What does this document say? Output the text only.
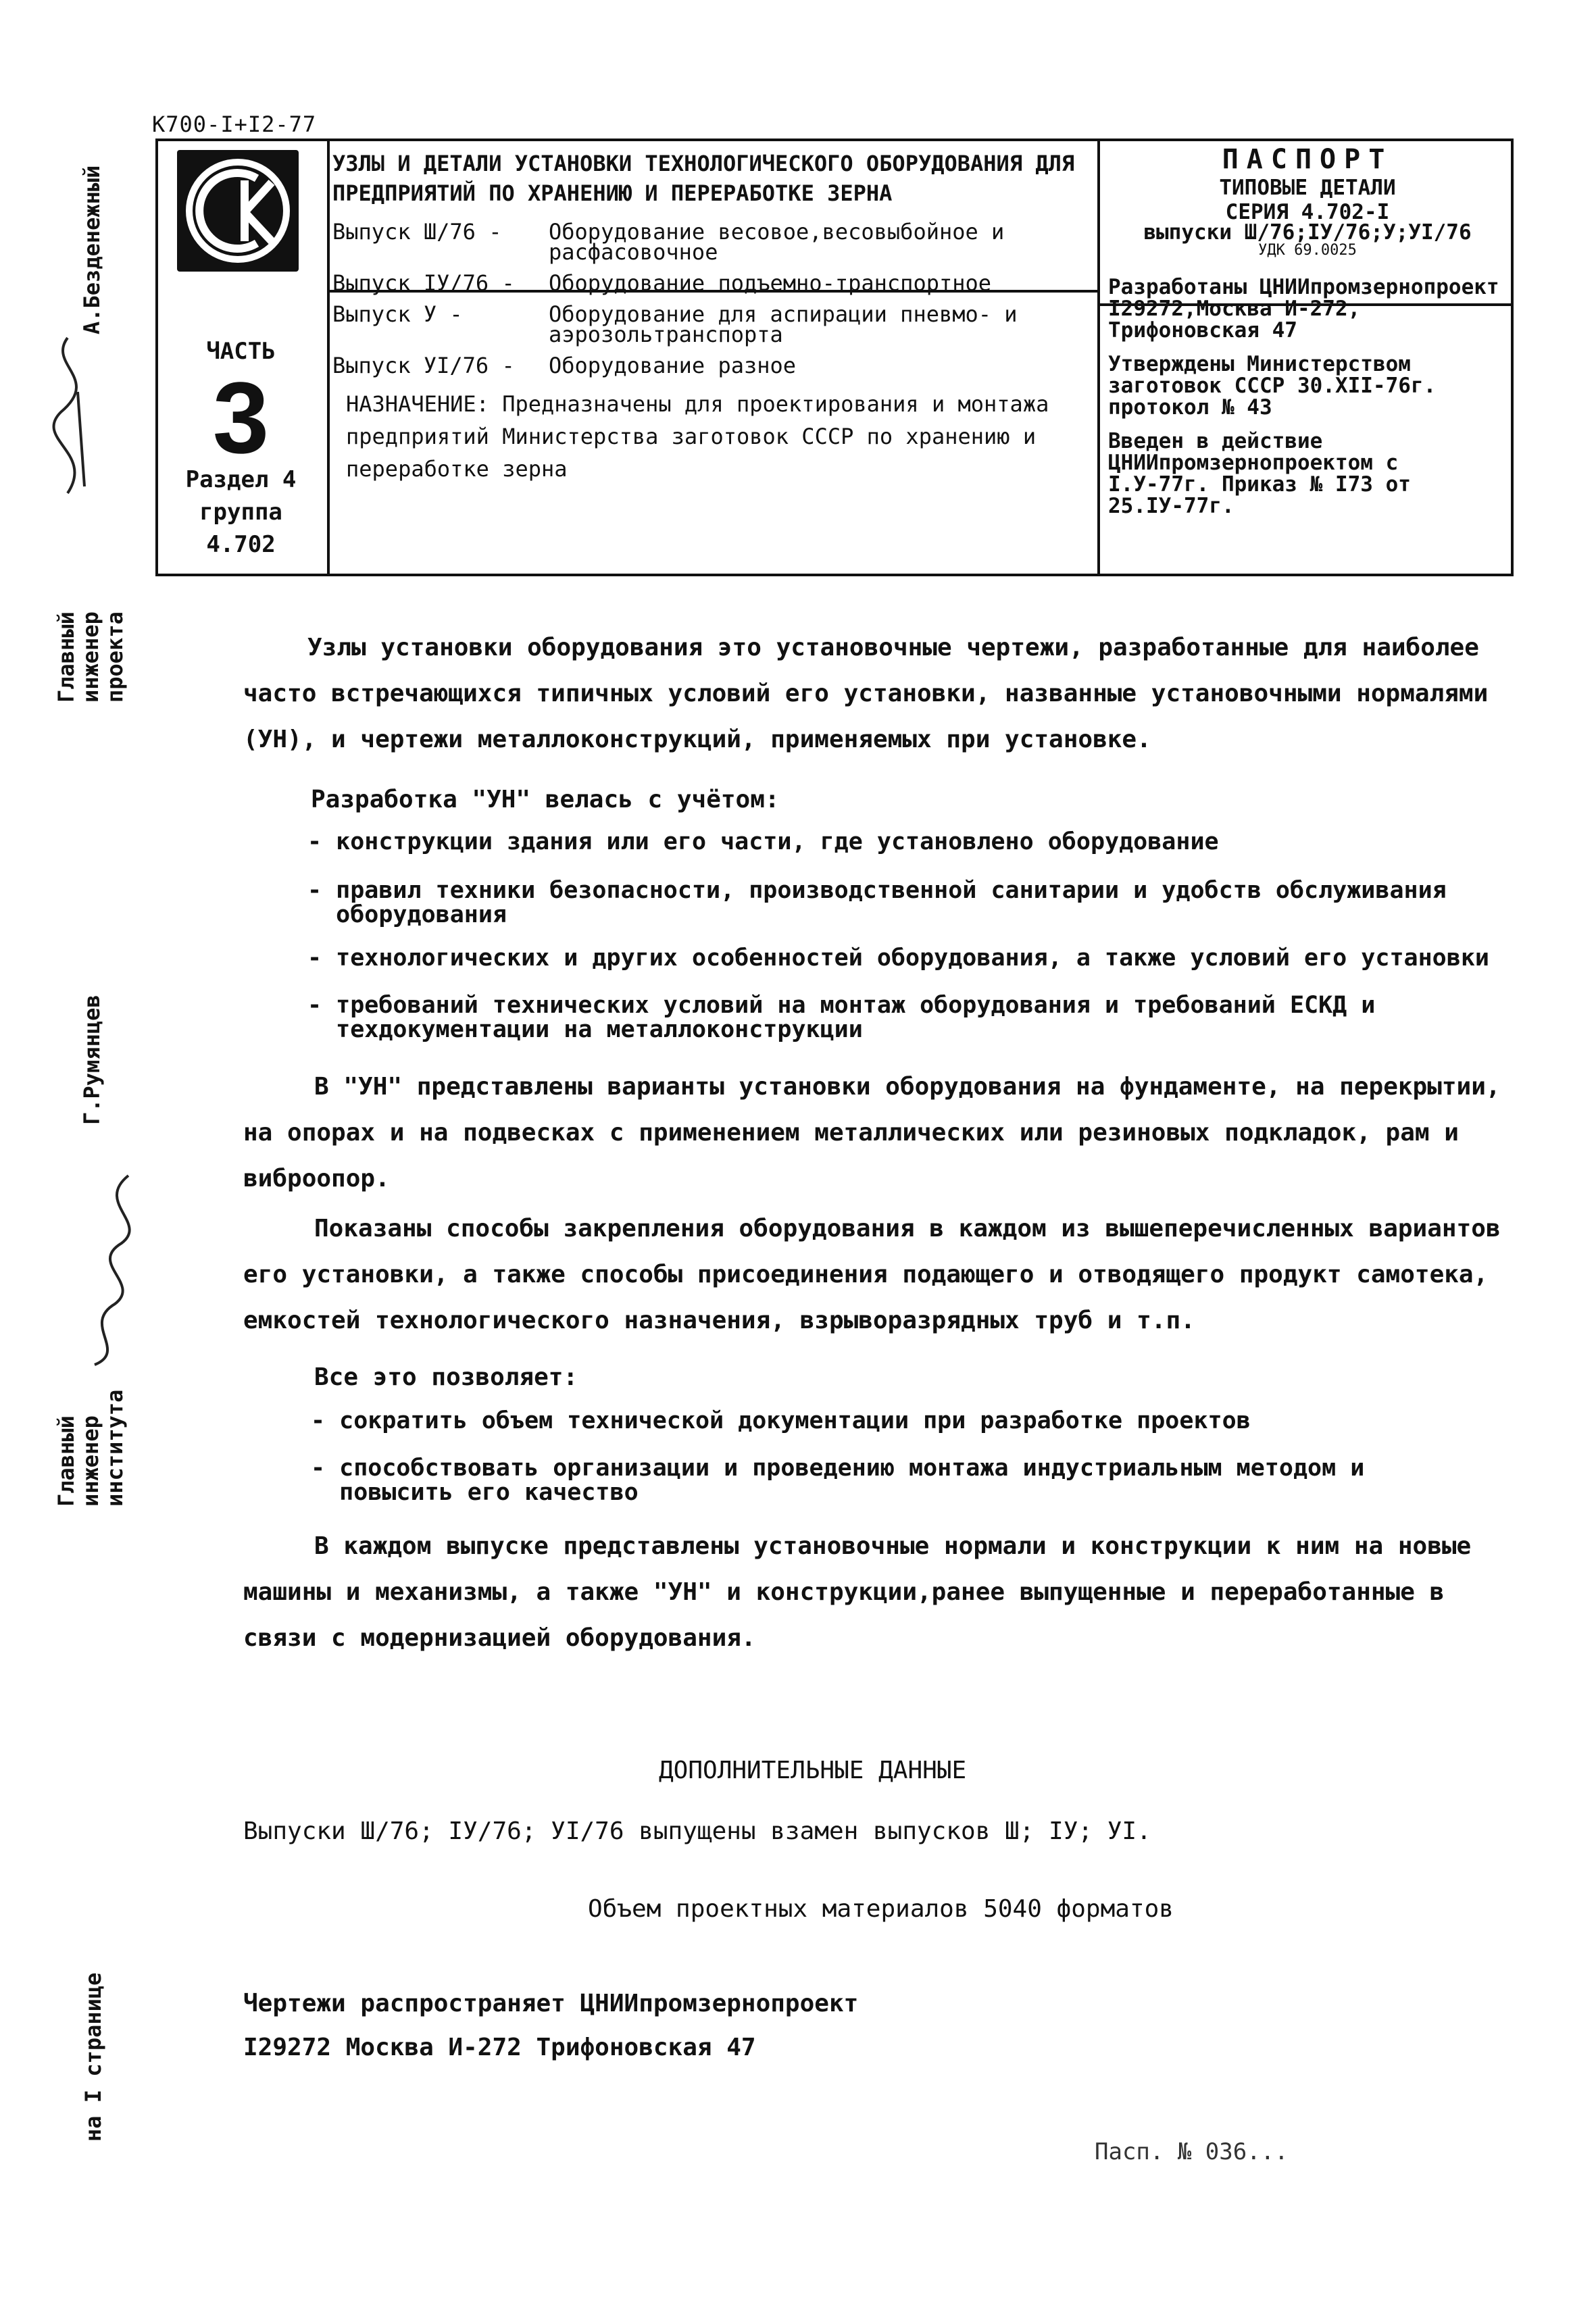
К700-I+I2-77
ЧАСТЬ
3
Раздел 4
группа
4.702
УЗЛЫ И ДЕТАЛИ УСТАНОВКИ ТЕХНОЛОГИЧЕСКОГО ОБОРУДОВАНИЯ ДЛЯ ПРЕДПРИЯТИЙ ПО ХРАНЕНИЮ И ПЕРЕРАБОТКЕ ЗЕРНА
Выпуск Ш/76 -	Оборудование весовое,весовыбойное и расфасовочное
Выпуск IУ/76 -	Оборудование подъемно-транспортное
Выпуск У -	Оборудование для аспирации пневмо- и аэрозольтранспорта
Выпуск УI/76 -	Оборудование разное
НАЗНАЧЕНИЕ: Предназначены для проектирования и монтажа предприятий Министерства заготовок СССР по хранению и переработке зерна
ПАСПОРТ
ТИПОВЫЕ ДЕТАЛИ
СЕРИЯ 4.702-I
выпуски Ш/76;IУ/76;У;УI/76
УДК 69.0025
Разработаны ЦНИИпромзернопроект I29272,Москва И-272, Трифоновская 47
Утверждены Министерством заготовок СССР 30.XII-76г. протокол № 43
Введен в действие ЦНИИпромзернопроектом с I.У-77г. Приказ № I73 от 25.IУ-77г.
А.Безденежный
Главный инженер проекта
Г.Румянцев
Главный инженер института
на I странице
Узлы установки оборудования это установочные чертежи, разработанные для наиболее
часто встречающихся типичных условий его установки, названные установочными нормалями
(УН), и чертежи металлоконструкций, применяемых при установке.
Разработка "УН" велась с учётом:
- конструкции здания или его части, где установлено оборудование
- правил техники безопасности, производственной санитарии и удобств обслуживания
оборудования
- технологических и других особенностей оборудования, а также условий его установки
- требований технических условий на монтаж оборудования и требований ЕСКД и
техдокументации на металлоконструкции
В "УН" представлены варианты установки оборудования на фундаменте, на перекрытии,
на опорах и на подвесках с применением металлических или резиновых подкладок, рам и
виброопор.
Показаны способы закрепления оборудования в каждом из вышеперечисленных вариантов
его установки, а также способы присоединения подающего и отводящего продукт самотека,
емкостей технологического назначения, взрыворазрядных труб и т.п.
Все это позволяет:
- сократить объем технической документации при разработке проектов
- способствовать организации и проведению монтажа индустриальным методом и
повысить его качество
В каждом выпуске представлены установочные нормали и конструкции к ним на новые
машины и механизмы, а также "УН" и конструкции,ранее выпущенные и переработанные в
связи с модернизацией оборудования.
ДОПОЛНИТЕЛЬНЫЕ ДАННЫЕ
Выпуски Ш/76; IУ/76; УI/76 выпущены взамен выпусков Ш; IУ; УI.
Объем проектных материалов 5040 форматов
Чертежи распространяет ЦНИИпромзернопроект
I29272 Москва И-272 Трифоновская 47
Пасп. № 036...
